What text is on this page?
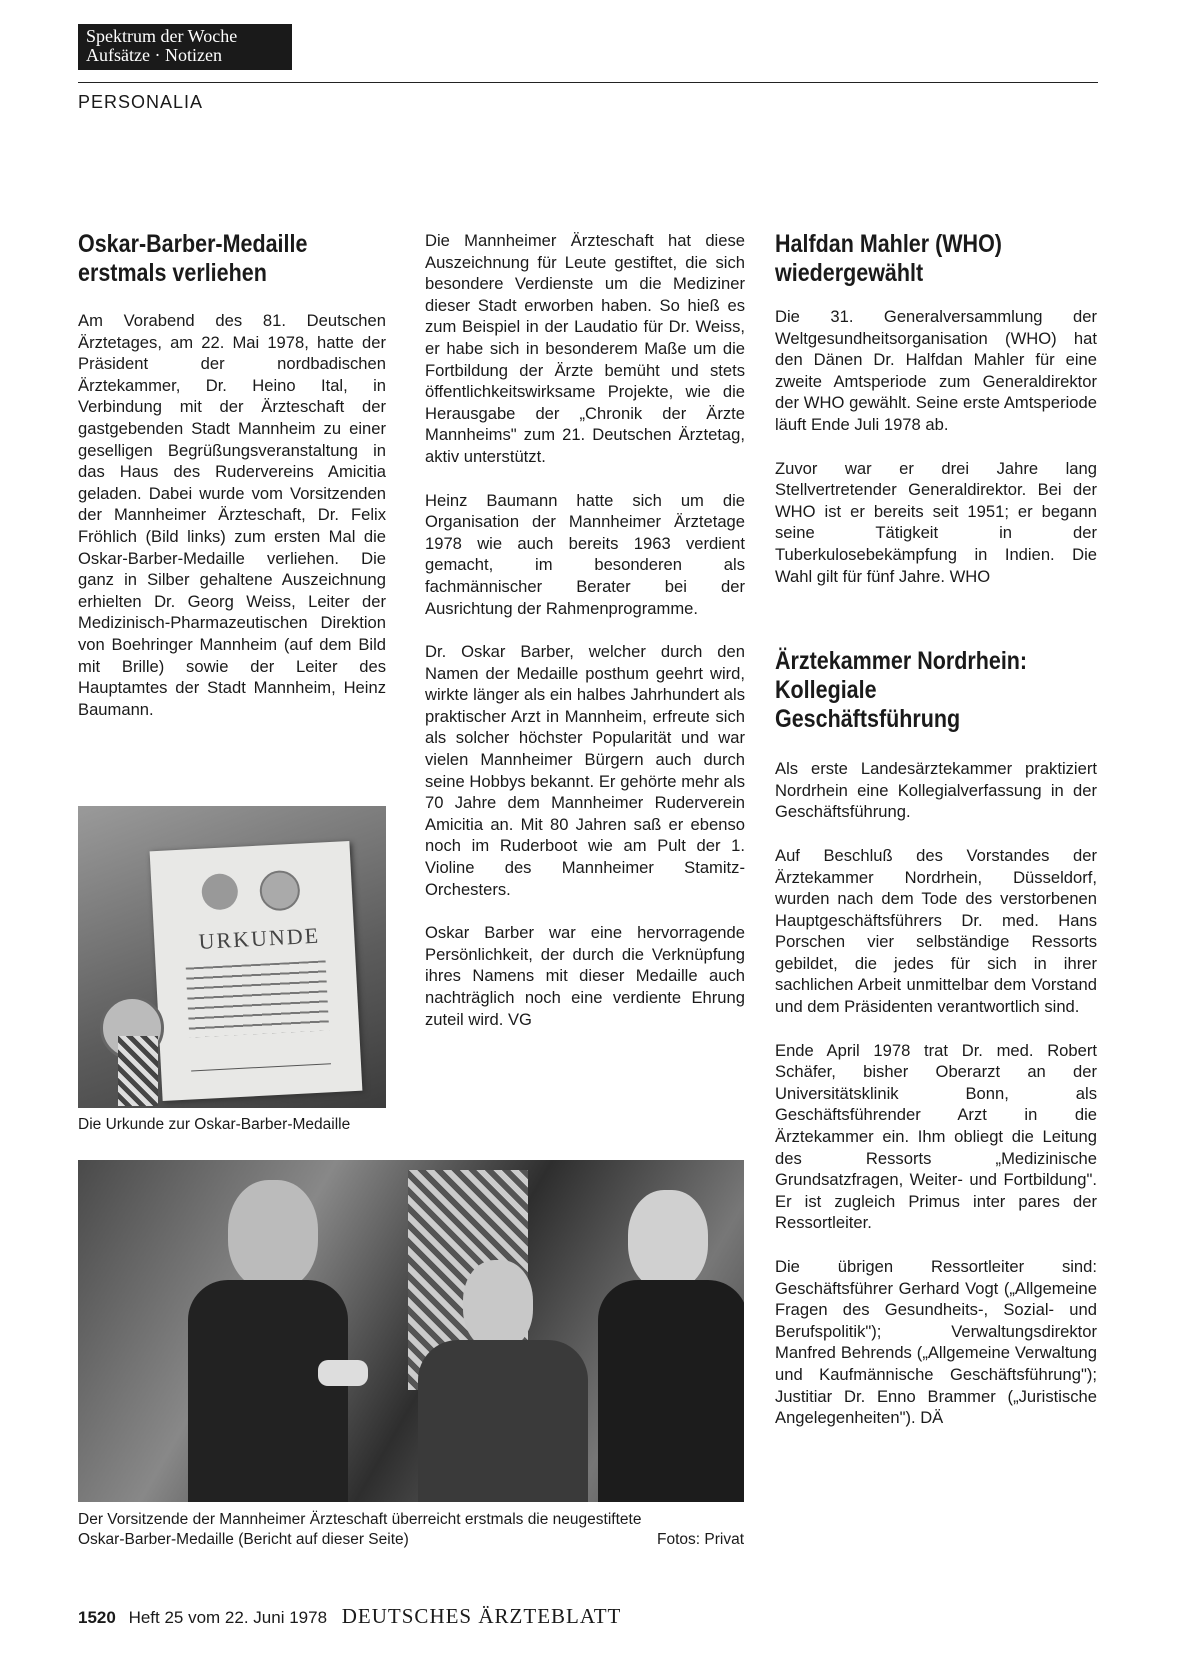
Spektrum der Woche
Aufsätze · Notizen
PERSONALIA
Oskar-Barber-Medaille
erstmals verliehen

Am Vorabend des 81. Deutschen Ärztetages, am 22. Mai 1978, hatte der Präsident der nordbadischen Ärztekammer, Dr. Heino Ital, in Verbindung mit der Ärzteschaft der gastgebenden Stadt Mannheim zu einer geselligen Begrüßungsveranstaltung in das Haus des Rudervereins Amicitia geladen. Dabei wurde vom Vorsitzenden der Mannheimer Ärzteschaft, Dr. Felix Fröhlich (Bild links) zum ersten Mal die Oskar-Barber-Medaille verliehen. Die ganz in Silber gehaltene Auszeichnung erhielten Dr. Georg Weiss, Leiter der Medizinisch-Pharmazeutischen Direktion von Boehringer Mannheim (auf dem Bild mit Brille) sowie der Leiter des Hauptamtes der Stadt Mannheim, Heinz Baumann.

URKUNDE
Die Urkunde zur Oskar-Barber-Medaille

Die Mannheimer Ärzteschaft hat diese Auszeichnung für Leute gestiftet, die sich besondere Verdienste um die Mediziner dieser Stadt erworben haben. So hieß es zum Beispiel in der Laudatio für Dr. Weiss, er habe sich in besonderem Maße um die Fortbildung der Ärzte bemüht und stets öffentlichkeitswirksame Projekte, wie die Herausgabe der „Chronik der Ärzte Mannheims" zum 21. Deutschen Ärztetag, aktiv unterstützt.

Heinz Baumann hatte sich um die Organisation der Mannheimer Ärztetage 1978 wie auch bereits 1963 verdient gemacht, im besonderen als fachmännischer Berater bei der Ausrichtung der Rahmenprogramme.

Dr. Oskar Barber, welcher durch den Namen der Medaille posthum geehrt wird, wirkte länger als ein halbes Jahrhundert als praktischer Arzt in Mannheim, erfreute sich als solcher höchster Popularität und war vielen Mannheimer Bürgern auch durch seine Hobbys bekannt. Er gehörte mehr als 70 Jahre dem Mannheimer Ruderverein Amicitia an. Mit 80 Jahren saß er ebenso noch im Ruderboot wie am Pult der 1. Violine des Mannheimer Stamitz-Orchesters.

Oskar Barber war eine hervorragende Persönlichkeit, der durch die Verknüpfung ihres Namens mit dieser Medaille auch nachträglich noch eine verdiente Ehrung zuteil wird. VG

Der Vorsitzende der Mannheimer Ärzteschaft überreicht erstmals die neugestiftete
Oskar-Barber-Medaille (Bericht auf dieser Seite)	Fotos: Privat
Halfdan Mahler (WHO)
wiedergewählt

Die 31. Generalversammlung der Weltgesundheitsorganisation (WHO) hat den Dänen Dr. Halfdan Mahler für eine zweite Amtsperiode zum Generaldirektor der WHO gewählt. Seine erste Amtsperiode läuft Ende Juli 1978 ab.

Zuvor war er drei Jahre lang Stellvertretender Generaldirektor. Bei der WHO ist er bereits seit 1951; er begann seine Tätigkeit in der Tuberkulosebekämpfung in Indien. Die Wahl gilt für fünf Jahre. WHO

Ärztekammer Nordrhein:
Kollegiale
Geschäftsführung

Als erste Landesärztekammer praktiziert Nordrhein eine Kollegialverfassung in der Geschäftsführung.

Auf Beschluß des Vorstandes der Ärztekammer Nordrhein, Düsseldorf, wurden nach dem Tode des verstorbenen Hauptgeschäftsführers Dr. med. Hans Porschen vier selbständige Ressorts gebildet, die jedes für sich in ihrer sachlichen Arbeit unmittelbar dem Vorstand und dem Präsidenten verantwortlich sind.

Ende April 1978 trat Dr. med. Robert Schäfer, bisher Oberarzt an der Universitätsklinik Bonn, als Geschäftsführender Arzt in die Ärztekammer ein. Ihm obliegt die Leitung des Ressorts „Medizinische Grundsatzfragen, Weiter- und Fortbildung". Er ist zugleich Primus inter pares der Ressortleiter.

Die übrigen Ressortleiter sind: Geschäftsführer Gerhard Vogt („Allgemeine Fragen des Gesundheits-, Sozial- und Berufspolitik"); Verwaltungsdirektor Manfred Behrends („Allgemeine Verwaltung und Kaufmännische Geschäftsführung"); Justitiar Dr. Enno Brammer („Juristische Angelegenheiten"). DÄ

1520 Heft 25 vom 22. Juni 1978 DEUTSCHES ÄRZTEBLATT
